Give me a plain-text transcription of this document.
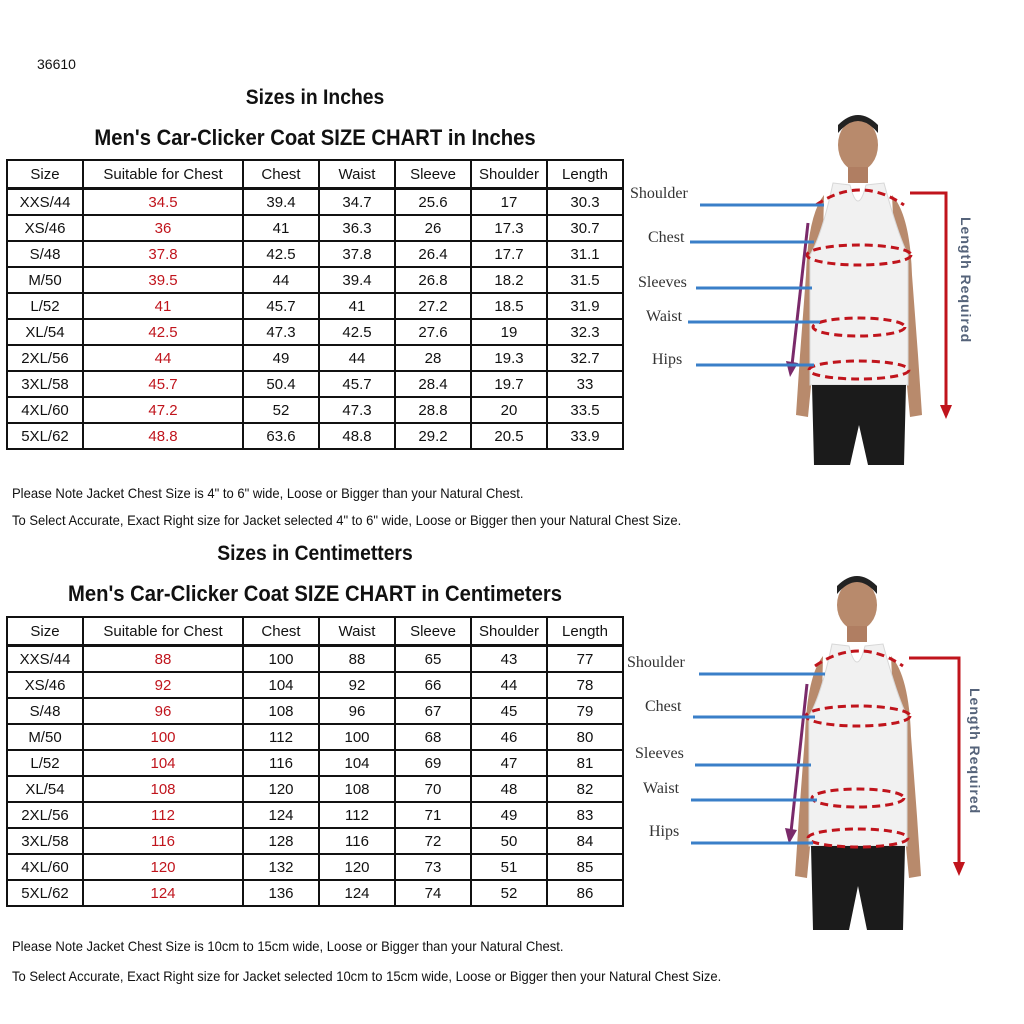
36610
Sizes in Inches
Men's Car-Clicker Coat SIZE CHART in Inches
Size	Suitable for Chest	Chest	Waist	Sleeve	Shoulder	Length
XXS/44	34.5	39.4	34.7	25.6	17	30.3
XS/46	36	41	36.3	26	17.3	30.7
S/48	37.8	42.5	37.8	26.4	17.7	31.1
M/50	39.5	44	39.4	26.8	18.2	31.5
L/52	41	45.7	41	27.2	18.5	31.9
XL/54	42.5	47.3	42.5	27.6	19	32.3
2XL/56	44	49	44	28	19.3	32.7
3XL/58	45.7	50.4	45.7	28.4	19.7	33
4XL/60	47.2	52	47.3	28.8	20	33.5
5XL/62	48.8	63.6	48.8	29.2	20.5	33.9
Please Note Jacket Chest Size is 4" to 6" wide, Loose or Bigger than your Natural Chest.
To Select Accurate, Exact Right size for Jacket selected 4" to 6" wide, Loose or Bigger then your Natural Chest Size.
Sizes in Centimetters
Men's Car-Clicker Coat SIZE CHART in Centimeters
Size	Suitable for Chest	Chest	Waist	Sleeve	Shoulder	Length
XXS/44	88	100	88	65	43	77
XS/46	92	104	92	66	44	78
S/48	96	108	96	67	45	79
M/50	100	112	100	68	46	80
L/52	104	116	104	69	47	81
XL/54	108	120	108	70	48	82
2XL/56	112	124	112	71	49	83
3XL/58	116	128	116	72	50	84
4XL/60	120	132	120	73	51	85
5XL/62	124	136	124	74	52	86
Please Note Jacket Chest Size is 10cm to 15cm wide, Loose or Bigger than your Natural Chest.
To Select Accurate, Exact Right size for Jacket selected 10cm to 15cm wide, Loose or Bigger then your Natural Chest Size.
Shoulder
Chest
Sleeves
Waist
Hips
Length Required
Shoulder
Chest
Sleeves
Waist
Hips
Length Required
